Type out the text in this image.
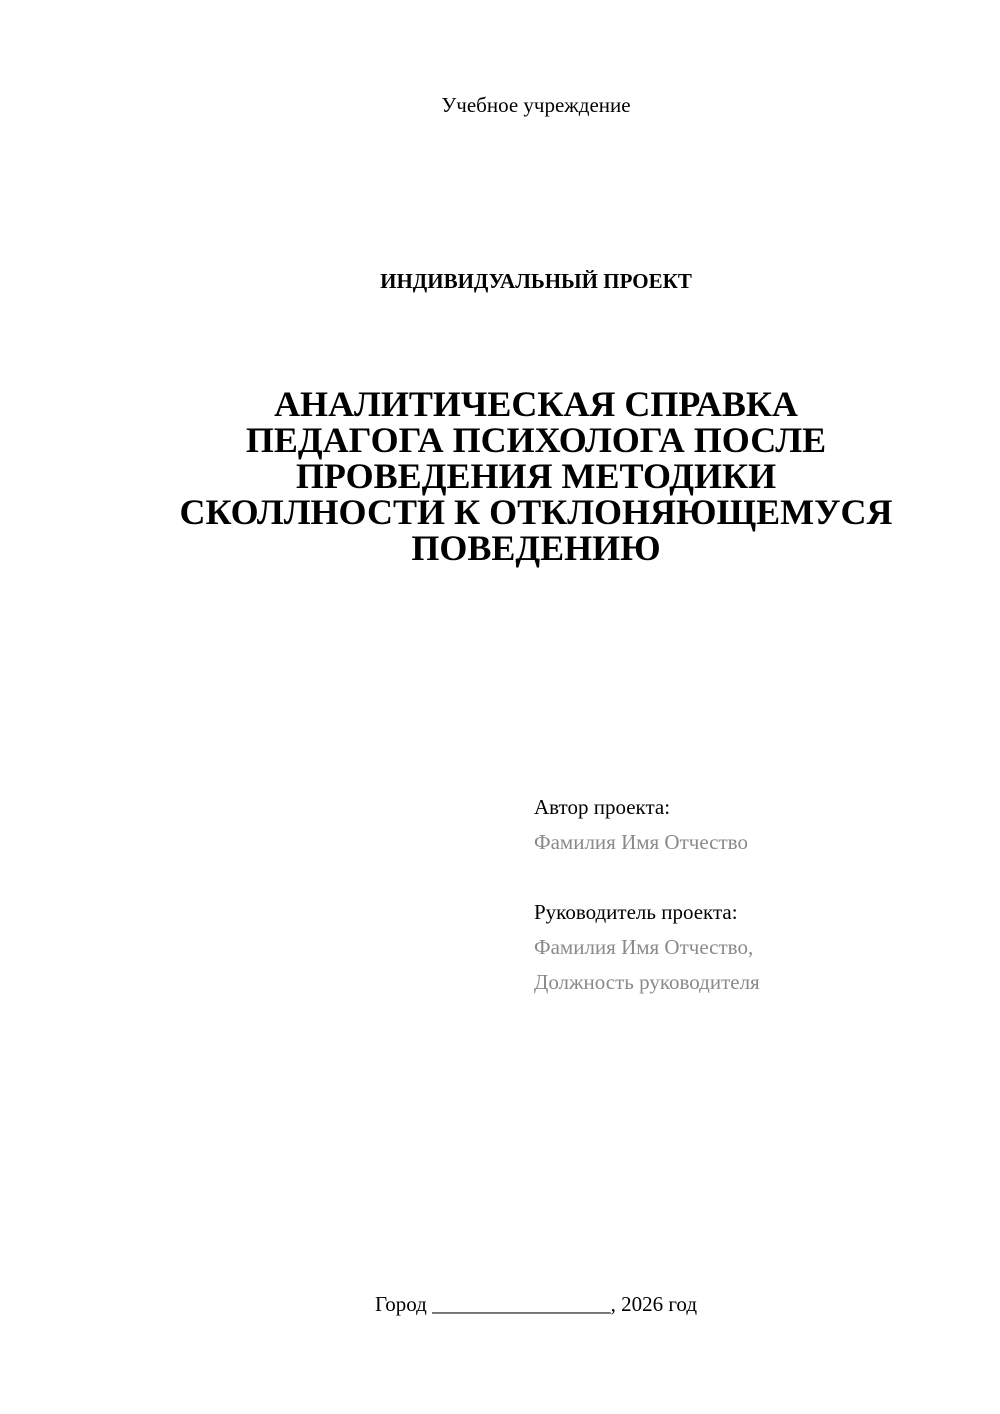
Учебное учреждение
ИНДИВИДУАЛЬНЫЙ ПРОЕКТ
АНАЛИТИЧЕСКАЯ СПРАВКА
ПЕДАГОГА ПСИХОЛОГА ПОСЛЕ
ПРОВЕДЕНИЯ МЕТОДИКИ
СКОЛЛНОСТИ К ОТКЛОНЯЮЩЕМУСЯ
ПОВЕДЕНИЮ
Автор проекта:
Фамилия Имя Отчество
Руководитель проекта:
Фамилия Имя Отчество,
Должность руководителя
Город _________________, 2026 год
